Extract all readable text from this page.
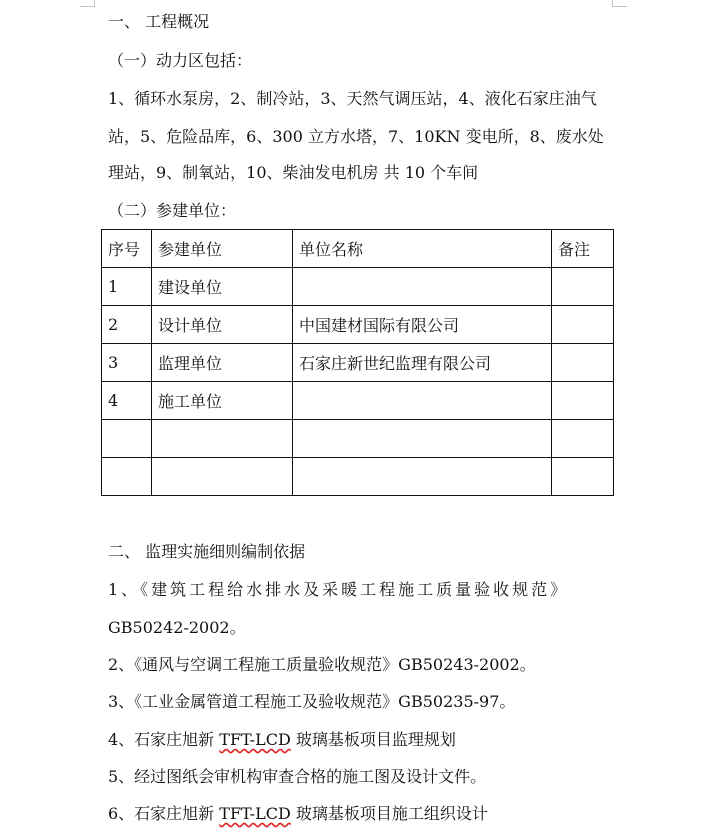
一、 工程概况
（一）动力区包括：
1、循环水泵房，2、制冷站，3、天然气调压站，4、液化石家庄油气
站，5、危险品库，6、300 立方水塔，7、10KN 变电所，8、废水处
理站，9、制氧站，10、柴油发电机房 共 10 个车间
（二）参建单位：
序号	参建单位	单位名称	备注
1	建设单位		
2	设计单位	中国建材国际有限公司	
3	监理单位	石家庄新世纪监理有限公司	
4	施工单位		

二、 监理实施细则编制依据
1、《建筑工程给水排水及采暖工程施工质量验收规范》
GB50242-2002。
2、《通风与空调工程施工质量验收规范》GB50243-2002。
3、《工业金属管道工程施工及验收规范》GB50235-97。
4、石家庄旭新 TFT-LCD 玻璃基板项目监理规划
5、经过图纸会审机构审查合格的施工图及设计文件。
6、石家庄旭新 TFT-LCD 玻璃基板项目施工组织设计
